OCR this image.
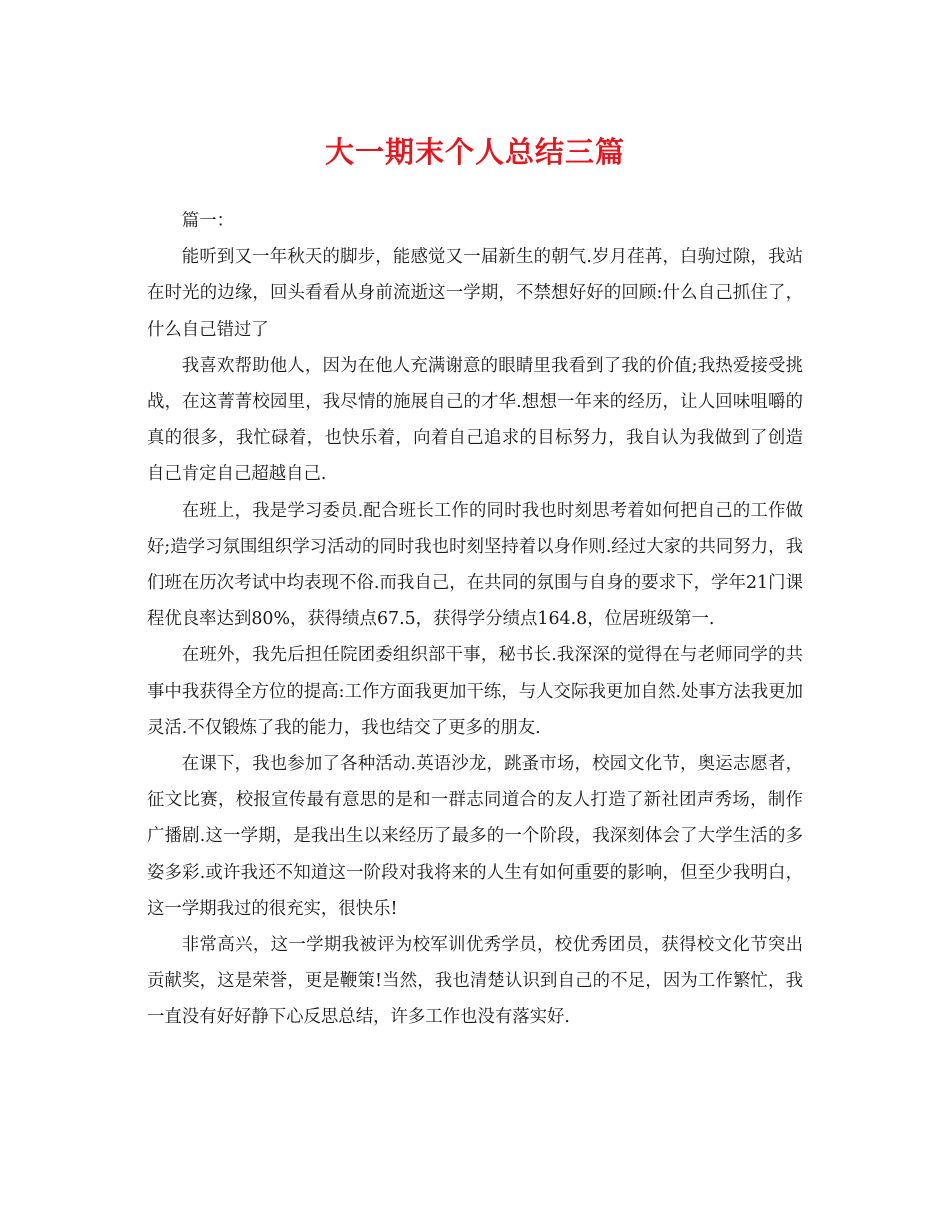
大一期末个人总结三篇

篇一：

能听到又一年秋天的脚步，能感觉又一届新生的朝气.岁月荏苒，白驹过隙，我站在时光的边缘，回头看看从身前流逝这一学期，不禁想好好的回顾:什么自己抓住了，什么自己错过了

我喜欢帮助他人，因为在他人充满谢意的眼睛里我看到了我的价值;我热爱接受挑战，在这菁菁校园里，我尽情的施展自己的才华.想想一年来的经历，让人回味咀嚼的真的很多，我忙碌着，也快乐着，向着自己追求的目标努力，我自认为我做到了创造自己肯定自己超越自己.

在班上，我是学习委员.配合班长工作的同时我也时刻思考着如何把自己的工作做好;造学习氛围组织学习活动的同时我也时刻坚持着以身作则.经过大家的共同努力，我们班在历次考试中均表现不俗.而我自己，在共同的氛围与自身的要求下，学年21门课程优良率达到80%，获得绩点67.5，获得学分绩点164.8，位居班级第一.

在班外，我先后担任院团委组织部干事，秘书长.我深深的觉得在与老师同学的共事中我获得全方位的提高:工作方面我更加干练，与人交际我更加自然.处事方法我更加灵活.不仅锻炼了我的能力，我也结交了更多的朋友.

在课下，我也参加了各种活动.英语沙龙，跳蚤市场，校园文化节，奥运志愿者，征文比赛，校报宣传最有意思的是和一群志同道合的友人打造了新社团声秀场，制作广播剧.这一学期，是我出生以来经历了最多的一个阶段，我深刻体会了大学生活的多姿多彩.或许我还不知道这一阶段对我将来的人生有如何重要的影响，但至少我明白，这一学期我过的很充实，很快乐!

非常高兴，这一学期我被评为校军训优秀学员，校优秀团员，获得校文化节突出贡献奖，这是荣誉，更是鞭策!当然，我也清楚认识到自己的不足，因为工作繁忙，我一直没有好好静下心反思总结，许多工作也没有落实好.
